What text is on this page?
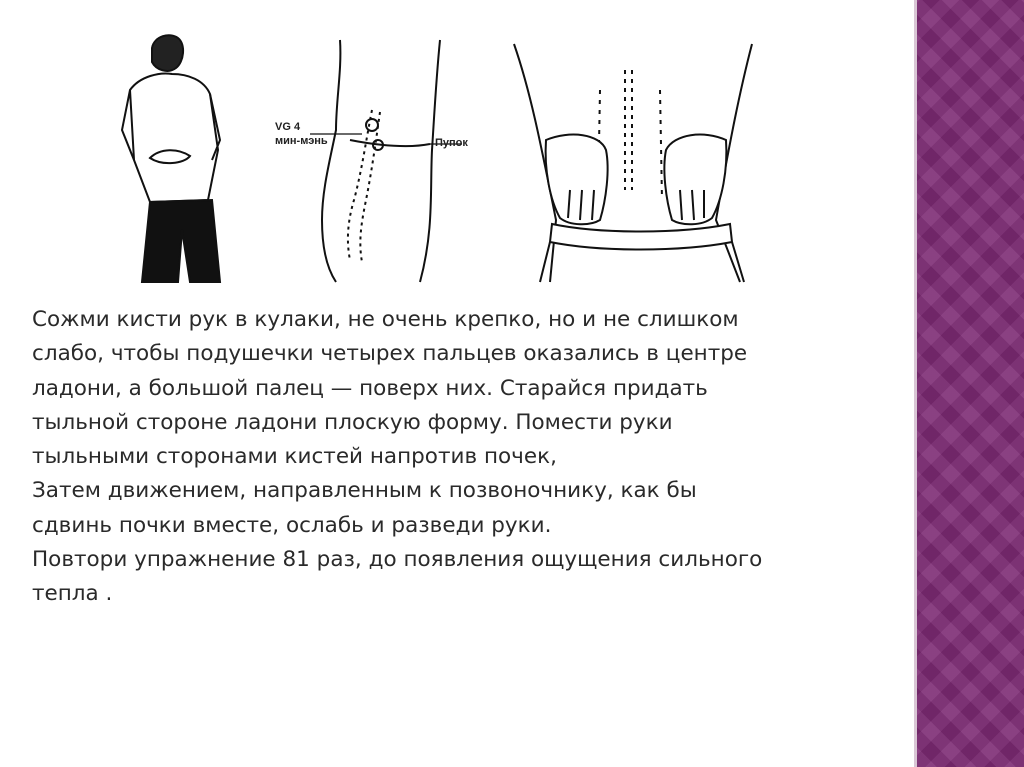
VG 4
мин-мэнь	Пупок
Сожми кисти рук в кулаки, не очень крепко, но и не слишком
слабо, чтобы подушечки четырех пальцев оказались в центре
ладони, а большой палец — поверх них. Старайся придать
тыльной стороне ладони плоскую форму. Помести руки
тыльными сторонами кистей напротив почек,
Затем движением, направленным к позвоночнику, как бы
сдвинь почки вместе, ослабь и разведи руки.
Повтори упражнение 81 раз, до появления ощущения сильного
тепла .
